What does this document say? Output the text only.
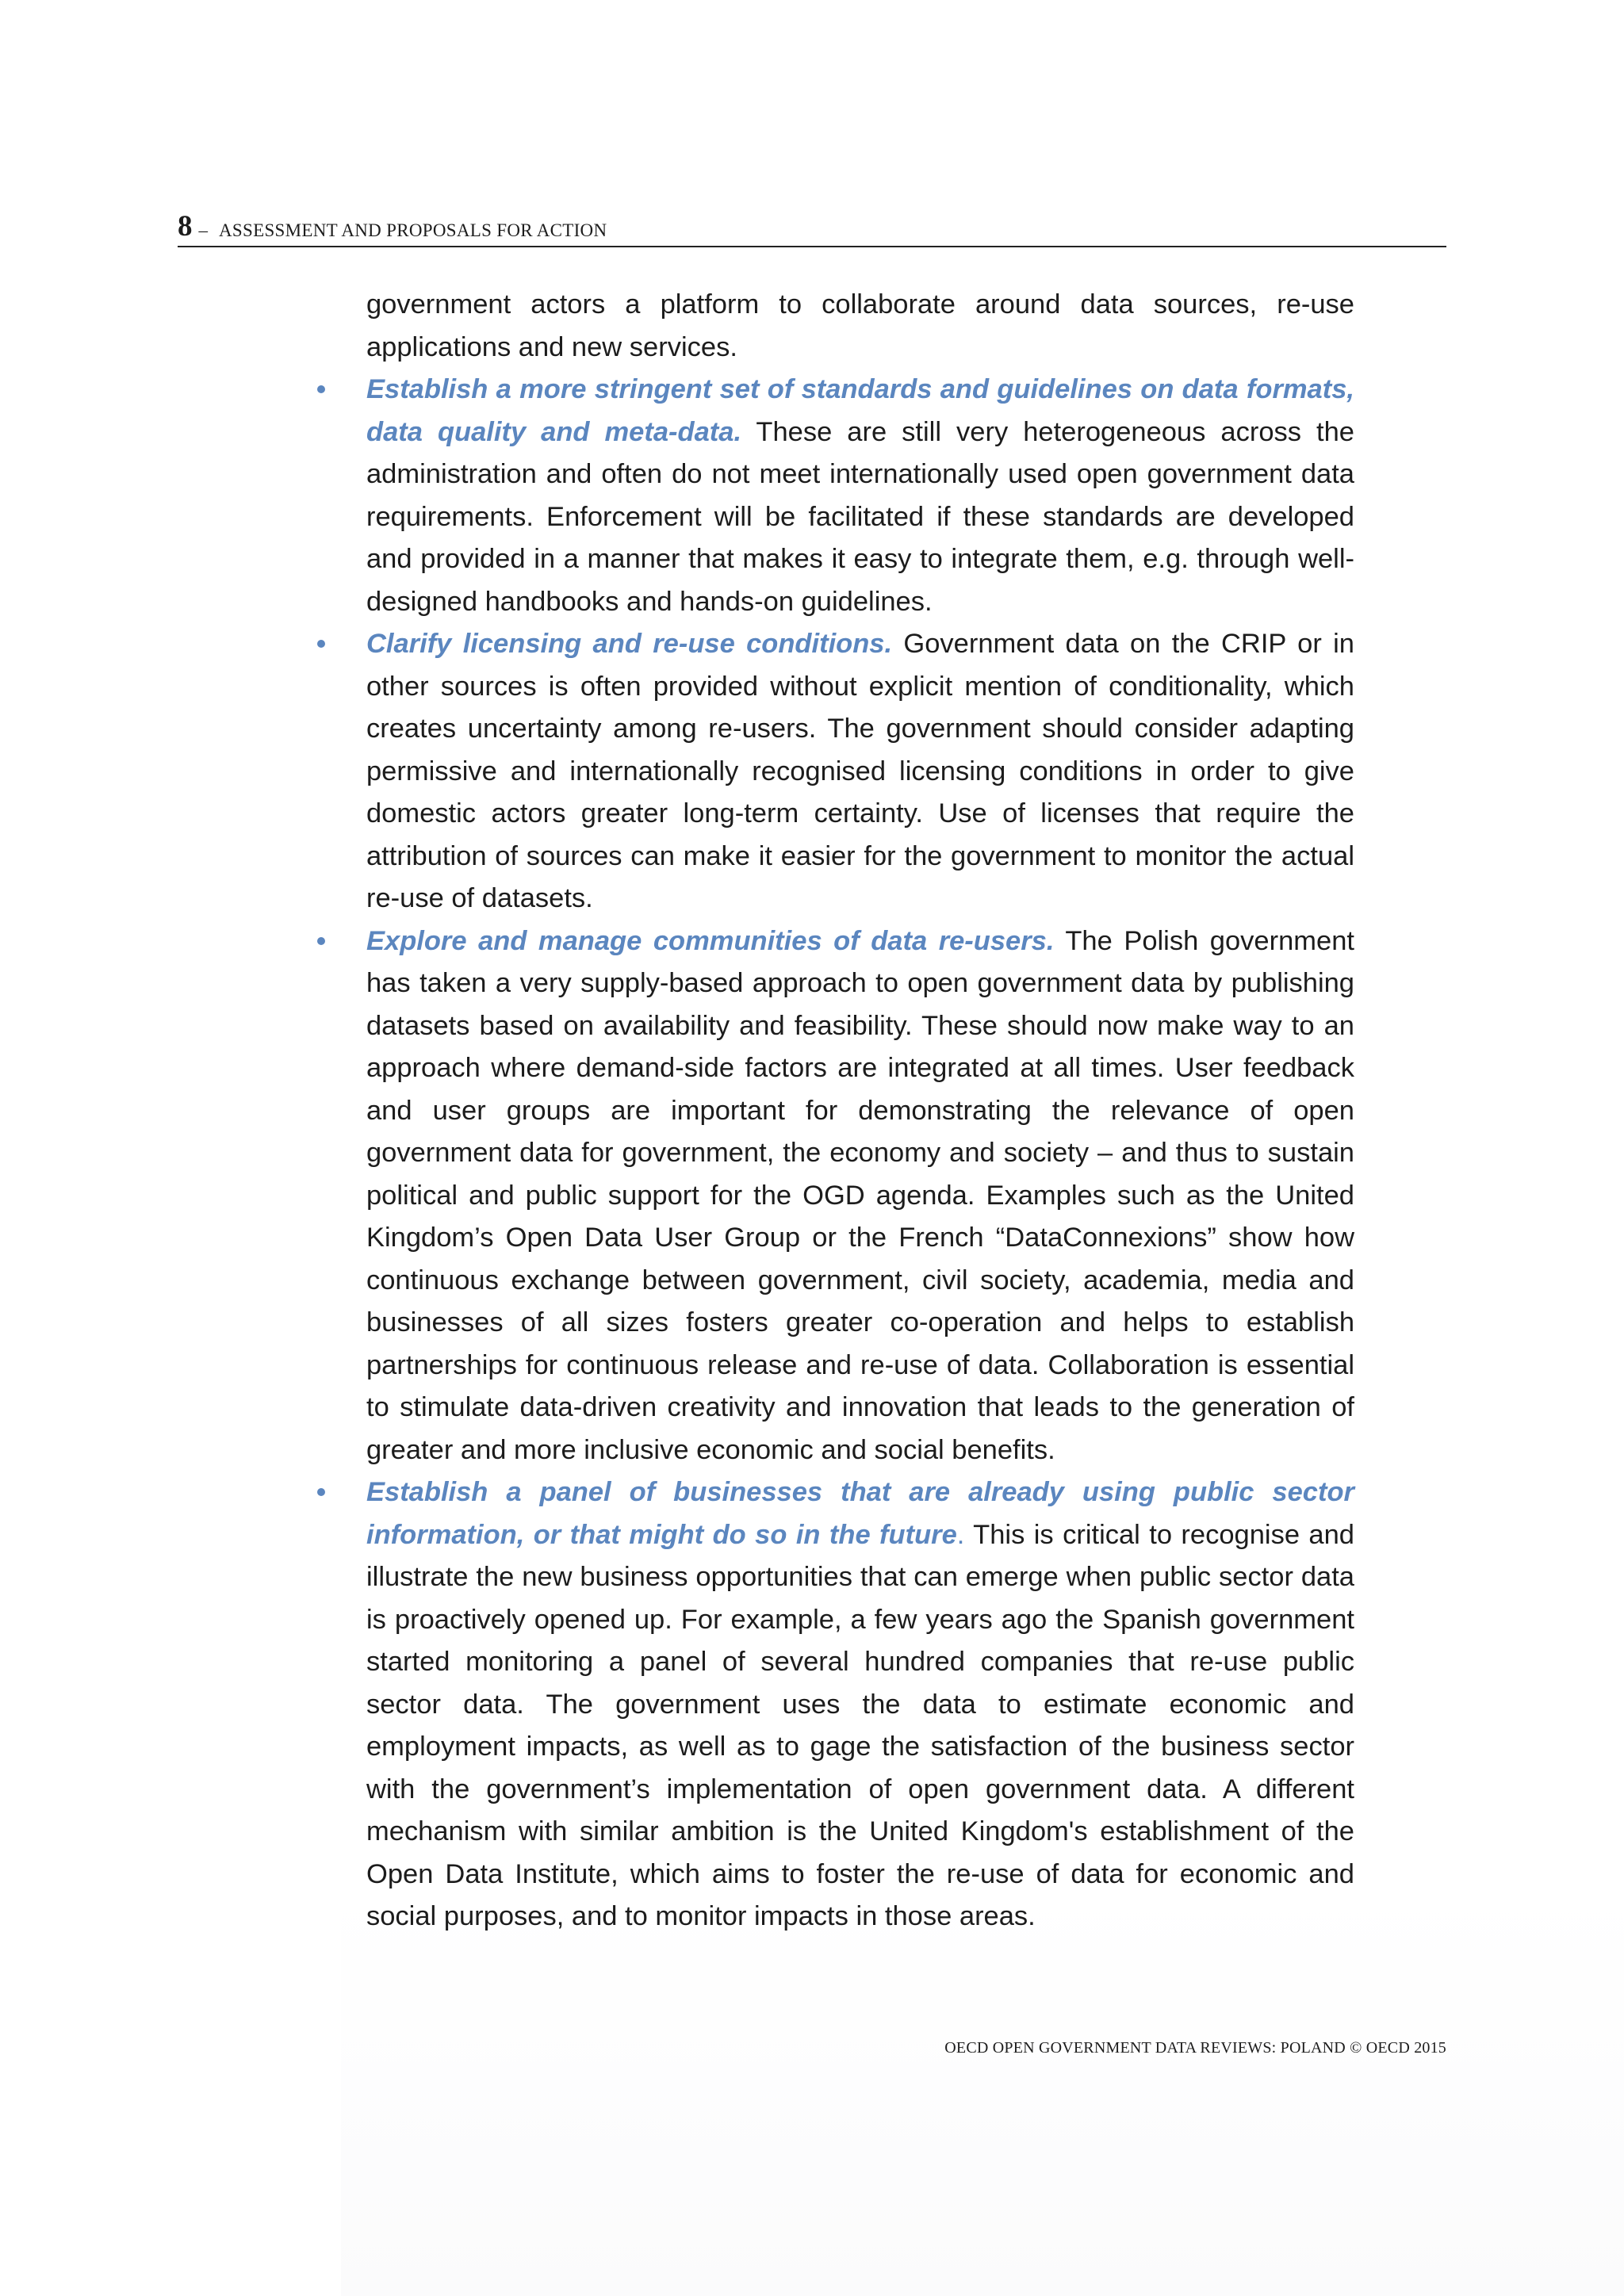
8 – ASSESSMENT AND PROPOSALS FOR ACTION

government actors a platform to collaborate around data sources, re-use applications and new services.

Establish a more stringent set of standards and guidelines on data formats, data quality and meta-data. These are still very heterogeneous across the administration and often do not meet internationally used open government data requirements. Enforcement will be facilitated if these standards are developed and provided in a manner that makes it easy to integrate them, e.g. through well-designed handbooks and hands-on guidelines.

Clarify licensing and re-use conditions. Government data on the CRIP or in other sources is often provided without explicit mention of conditionality, which creates uncertainty among re-users. The government should consider adapting permissive and internationally recognised licensing conditions in order to give domestic actors greater long-term certainty. Use of licenses that require the attribution of sources can make it easier for the government to monitor the actual re-use of datasets.

Explore and manage communities of data re-users. The Polish government has taken a very supply-based approach to open government data by publishing datasets based on availability and feasibility. These should now make way to an approach where demand-side factors are integrated at all times. User feedback and user groups are important for demonstrating the relevance of open government data for government, the economy and society – and thus to sustain political and public support for the OGD agenda. Examples such as the United Kingdom’s Open Data User Group or the French “DataConnexions” show how continuous exchange between government, civil society, academia, media and businesses of all sizes fosters greater co-operation and helps to establish partnerships for continuous release and re-use of data. Collaboration is essential to stimulate data-driven creativity and innovation that leads to the generation of greater and more inclusive economic and social benefits.

Establish a panel of businesses that are already using public sector information, or that might do so in the future. This is critical to recognise and illustrate the new business opportunities that can emerge when public sector data is proactively opened up. For example, a few years ago the Spanish government started monitoring a panel of several hundred companies that re-use public sector data. The government uses the data to estimate economic and employment impacts, as well as to gage the satisfaction of the business sector with the government’s implementation of open government data. A different mechanism with similar ambition is the United Kingdom's establishment of the Open Data Institute, which aims to foster the re-use of data for economic and social purposes, and to monitor impacts in those areas.

OECD OPEN GOVERNMENT DATA REVIEWS: POLAND © OECD 2015
